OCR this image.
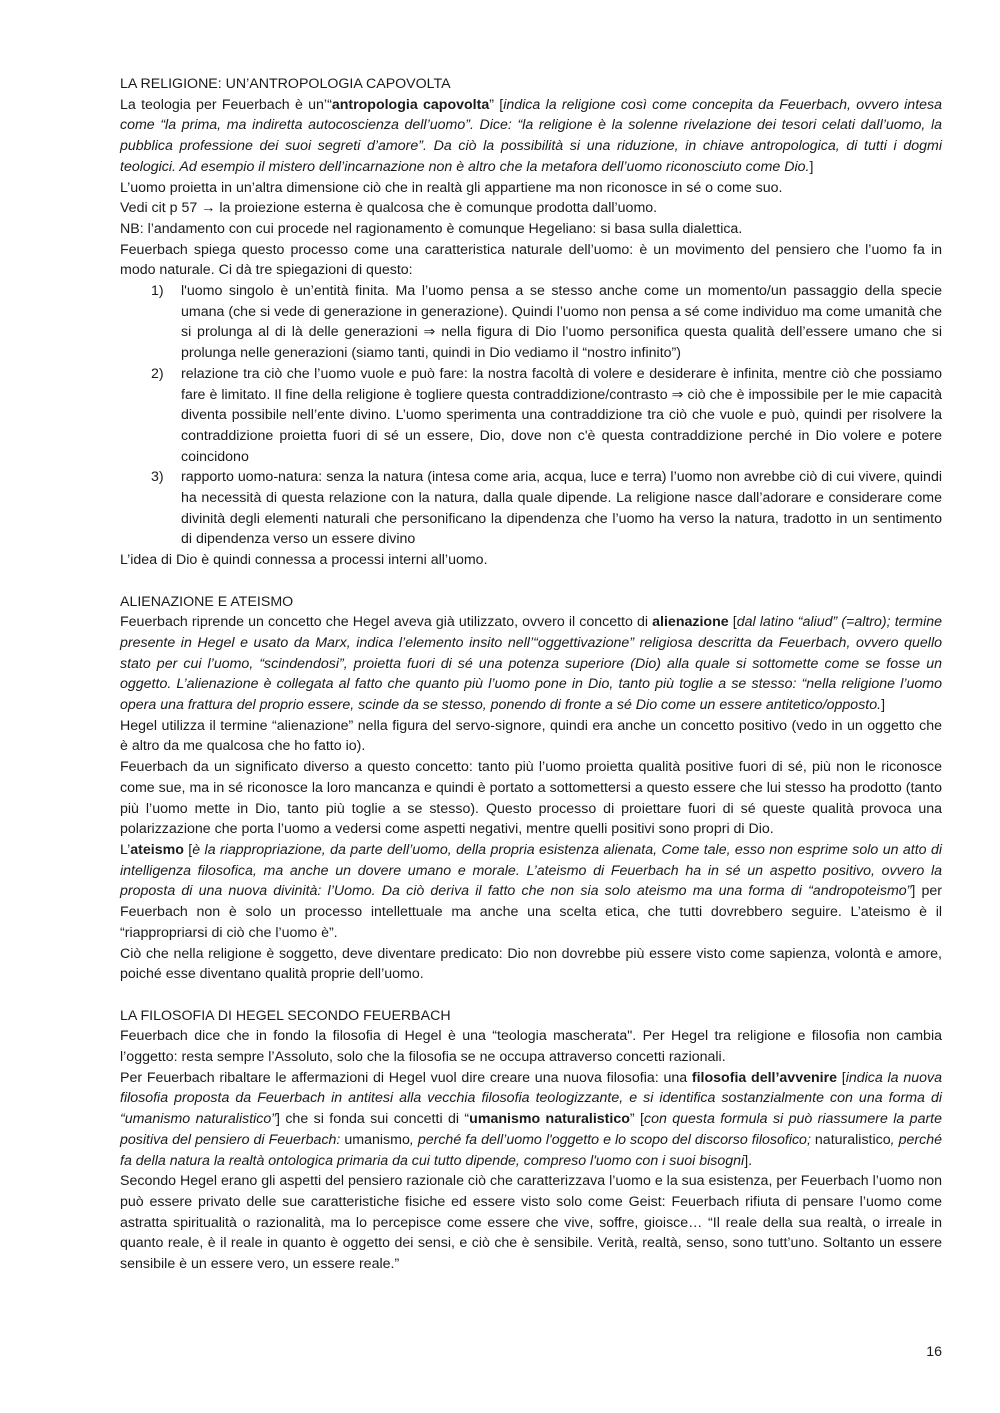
LA RELIGIONE: UN’ANTROPOLOGIA CAPOVOLTA

La teologia per Feuerbach è un’“antropologia capovolta” [indica la religione così come concepita da Feuerbach, ovvero intesa come “la prima, ma indiretta autocoscienza dell’uomo”. Dice: “la religione è la solenne rivelazione dei tesori celati dall’uomo, la pubblica professione dei suoi segreti d’amore”. Da ciò la possibilità si una riduzione, in chiave antropologica, di tutti i dogmi teologici. Ad esempio il mistero dell’incarnazione non è altro che la metafora dell’uomo riconosciuto come Dio.]

L’uomo proietta in un’altra dimensione ciò che in realtà gli appartiene ma non riconosce in sé o come suo.

Vedi cit p 57 → la proiezione esterna è qualcosa che è comunque prodotta dall’uomo.

NB: l’andamento con cui procede nel ragionamento è comunque Hegeliano: si basa sulla dialettica.

Feuerbach spiega questo processo come una caratteristica naturale dell’uomo: è un movimento del pensiero che l’uomo fa in modo naturale. Ci dà tre spiegazioni di questo:

1) l'uomo singolo è un’entità finita. Ma l’uomo pensa a se stesso anche come un momento/un passaggio della specie umana (che si vede di generazione in generazione). Quindi l’uomo non pensa a sé come individuo ma come umanità che si prolunga al di là delle generazioni ⇒ nella figura di Dio l’uomo personifica questa qualità dell’essere umano che si prolunga nelle generazioni (siamo tanti, quindi in Dio vediamo il “nostro infinito”)
2) relazione tra ciò che l’uomo vuole e può fare: la nostra facoltà di volere e desiderare è infinita, mentre ciò che possiamo fare è limitato. Il fine della religione è togliere questa contraddizione/contrasto ⇒ ciò che è impossibile per le mie capacità diventa possibile nell’ente divino. L’uomo sperimenta una contraddizione tra ciò che vuole e può, quindi per risolvere la contraddizione proietta fuori di sé un essere, Dio, dove non c'è questa contraddizione perché in Dio volere e potere coincidono
3) rapporto uomo-natura: senza la natura (intesa come aria, acqua, luce e terra) l’uomo non avrebbe ciò di cui vivere, quindi ha necessità di questa relazione con la natura, dalla quale dipende. La religione nasce dall’adorare e considerare come divinità degli elementi naturali che personificano la dipendenza che l’uomo ha verso la natura, tradotto in un sentimento di dipendenza verso un essere divino

L’idea di Dio è quindi connessa a processi interni all’uomo.

ALIENAZIONE E ATEISMO

Feuerbach riprende un concetto che Hegel aveva già utilizzato, ovvero il concetto di alienazione [dal latino “aliud” (=altro); termine presente in Hegel e usato da Marx, indica l’elemento insito nell’“oggettivazione” religiosa descritta da Feuerbach, ovvero quello stato per cui l’uomo, “scindendosi”, proietta fuori di sé una potenza superiore (Dio) alla quale si sottomette come se fosse un oggetto. L’alienazione è collegata al fatto che quanto più l’uomo pone in Dio, tanto più toglie a se stesso: “nella religione l’uomo opera una frattura del proprio essere, scinde da se stesso, ponendo di fronte a sé Dio come un essere antitetico/opposto.]

Hegel utilizza il termine “alienazione” nella figura del servo-signore, quindi era anche un concetto positivo (vedo in un oggetto che è altro da me qualcosa che ho fatto io).

Feuerbach da un significato diverso a questo concetto: tanto più l’uomo proietta qualità positive fuori di sé, più non le riconosce come sue, ma in sé riconosce la loro mancanza e quindi è portato a sottomettersi a questo essere che lui stesso ha prodotto (tanto più l’uomo mette in Dio, tanto più toglie a se stesso). Questo processo di proiettare fuori di sé queste qualità provoca una polarizzazione che porta l’uomo a vedersi come aspetti negativi, mentre quelli positivi sono propri di Dio.

L’ateismo [è la riappropriazione, da parte dell’uomo, della propria esistenza alienata, Come tale, esso non esprime solo un atto di intelligenza filosofica, ma anche un dovere umano e morale. L’ateismo di Feuerbach ha in sé un aspetto positivo, ovvero la proposta di una nuova divinità: l’Uomo. Da ciò deriva il fatto che non sia solo ateismo ma una forma di “andropoteismo”] per Feuerbach non è solo un processo intellettuale ma anche una scelta etica, che tutti dovrebbero seguire. L’ateismo è il “riappropriarsi di ciò che l’uomo è”.

Ciò che nella religione è soggetto, deve diventare predicato: Dio non dovrebbe più essere visto come sapienza, volontà e amore, poiché esse diventano qualità proprie dell’uomo.

LA FILOSOFIA DI HEGEL SECONDO FEUERBACH

Feuerbach dice che in fondo la filosofia di Hegel è una “teologia mascherata". Per Hegel tra religione e filosofia non cambia l’oggetto: resta sempre l’Assoluto, solo che la filosofia se ne occupa attraverso concetti razionali.

Per Feuerbach ribaltare le affermazioni di Hegel vuol dire creare una nuova filosofia: una filosofia dell’avvenire [indica la nuova filosofia proposta da Feuerbach in antitesi alla vecchia filosofia teologizzante, e si identifica sostanzialmente con una forma di “umanismo naturalistico”] che si fonda sui concetti di “umanismo naturalistico” [con questa formula si può riassumere la parte positiva del pensiero di Feuerbach: umanismo, perché fa dell’uomo l'oggetto e lo scopo del discorso filosofico; naturalistico, perché fa della natura la realtà ontologica primaria da cui tutto dipende, compreso l'uomo con i suoi bisogni].

Secondo Hegel erano gli aspetti del pensiero razionale ciò che caratterizzava l’uomo e la sua esistenza, per Feuerbach l’uomo non può essere privato delle sue caratteristiche fisiche ed essere visto solo come Geist: Feuerbach rifiuta di pensare l’uomo come astratta spiritualità o razionalità, ma lo percepisce come essere che vive, soffre, gioisce… “Il reale della sua realtà, o irreale in quanto reale, è il reale in quanto è oggetto dei sensi, e ciò che è sensibile. Verità, realtà, senso, sono tutt’uno. Soltanto un essere sensibile è un essere vero, un essere reale.”

16
